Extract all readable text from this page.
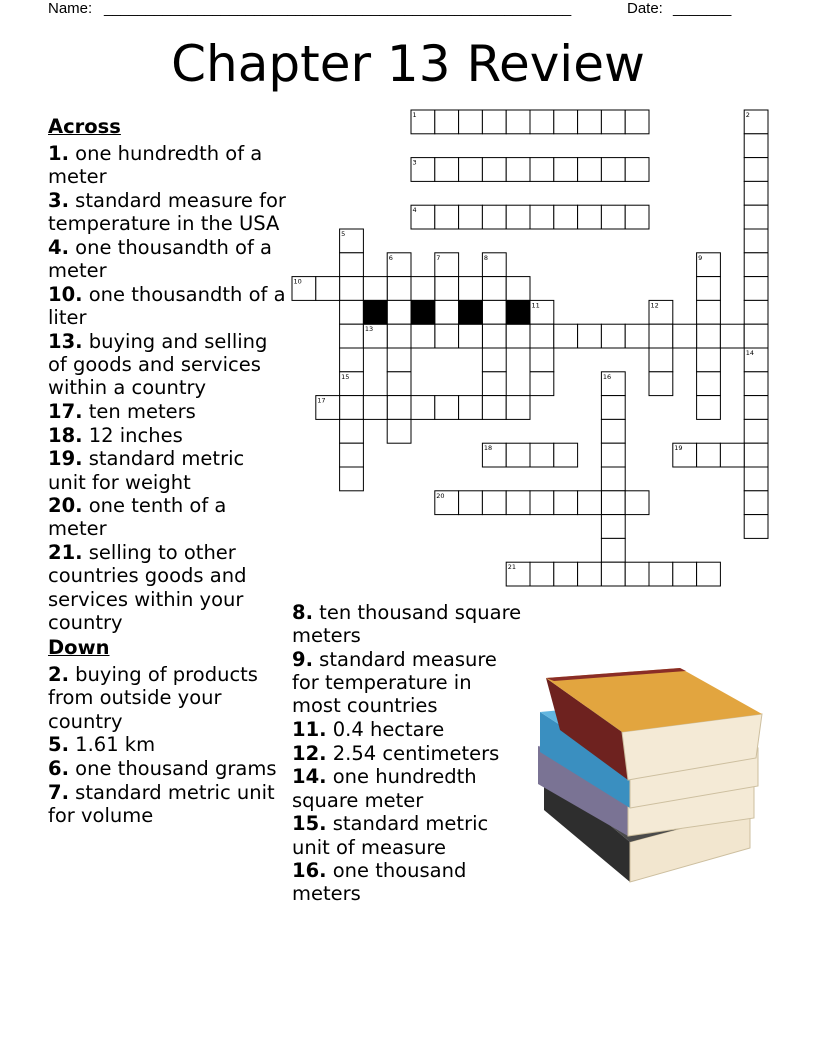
Name: ________________________________________________________	Date: _______
Chapter 13 Review
Across
1. one hundredth of a meter
3. standard measure for temperature in the USA
4. one thousandth of a meter
10. one thousandth of a liter
13. buying and selling of goods and services within a country
17. ten meters
18. 12 inches
19. standard metric unit for weight
20. one tenth of a meter
21. selling to other countries goods and services within your country
Down
2. buying of products from outside your country
5. 1.61 km
6. one thousand grams
7. standard metric unit for volume
8. ten thousand square meters
9. standard measure for temperature in most countries
11. 0.4 hectare
12. 2.54 centimeters
14. one hundredth square meter
15. standard metric unit of measure
16. one thousand meters
1	2
3
4
5
6	7	8	9
10
11	12
13
14
15	16
17
18	19
20
21
